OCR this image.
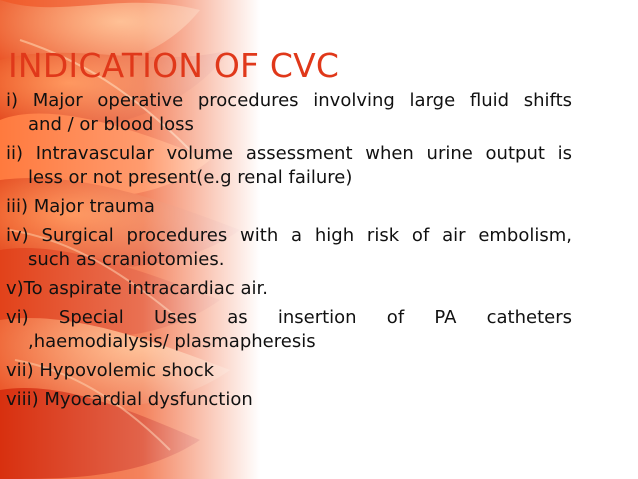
INDICATION OF CVC
i) Major operative procedures involving large fluid shifts
and / or blood loss
ii) Intravascular volume assessment when urine output is
less or not present(e.g renal failure)
iii) Major trauma
iv) Surgical procedures with a high risk of air embolism,
such as craniotomies.
v)To aspirate intracardiac air.
vi) Special Uses as insertion of PA catheters
,haemodialysis/ plasmapheresis
vii) Hypovolemic shock
viii) Myocardial dysfunction
